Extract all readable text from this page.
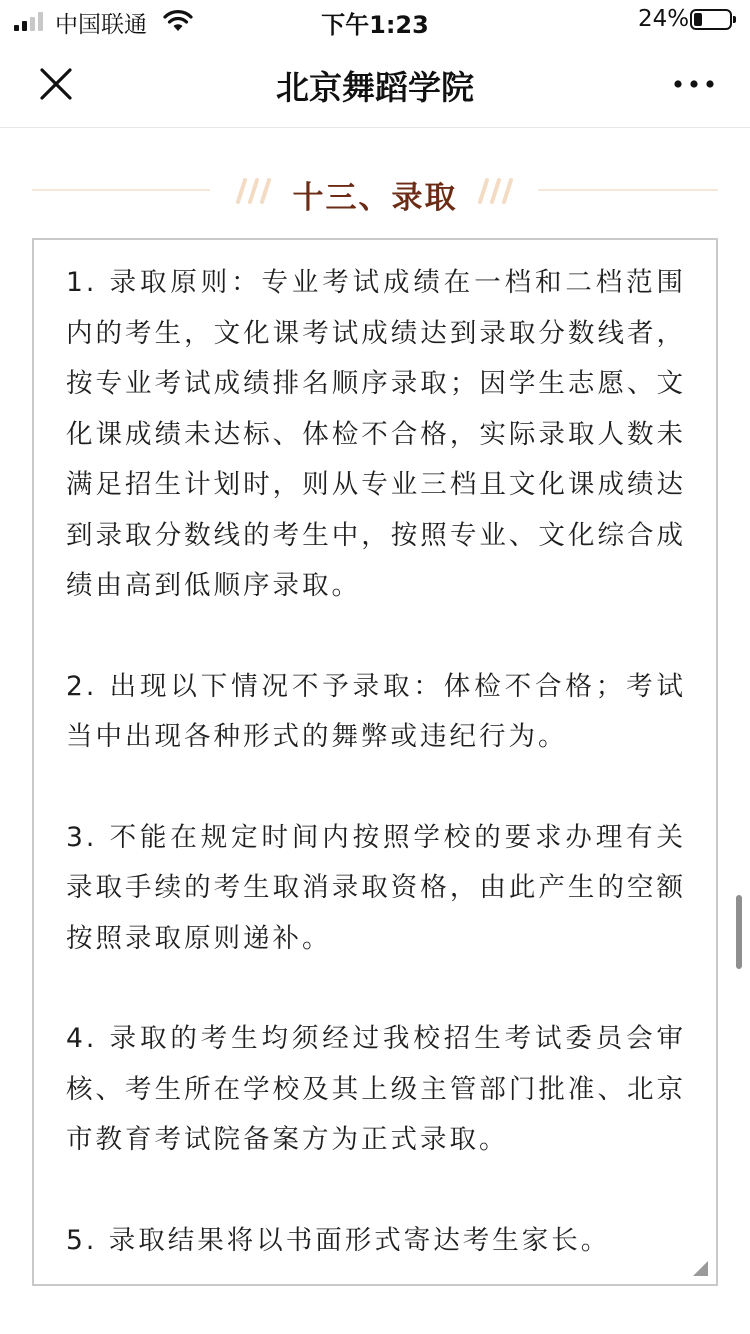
中国联通	下午1:23	24%
北京舞蹈学院
十三、录取

1. 录取原则：专业考试成绩在一档和二档范围内的考生，文化课考试成绩达到录取分数线者，按专业考试成绩排名顺序录取；因学生志愿、文化课成绩未达标、体检不合格，实际录取人数未满足招生计划时，则从专业三档且文化课成绩达到录取分数线的考生中，按照专业、文化综合成绩由高到低顺序录取。

2. 出现以下情况不予录取：体检不合格；考试当中出现各种形式的舞弊或违纪行为。

3. 不能在规定时间内按照学校的要求办理有关录取手续的考生取消录取资格，由此产生的空额按照录取原则递补。

4. 录取的考生均须经过我校招生考试委员会审核、考生所在学校及其上级主管部门批准、北京市教育考试院备案方为正式录取。

5. 录取结果将以书面形式寄达考生家长。
